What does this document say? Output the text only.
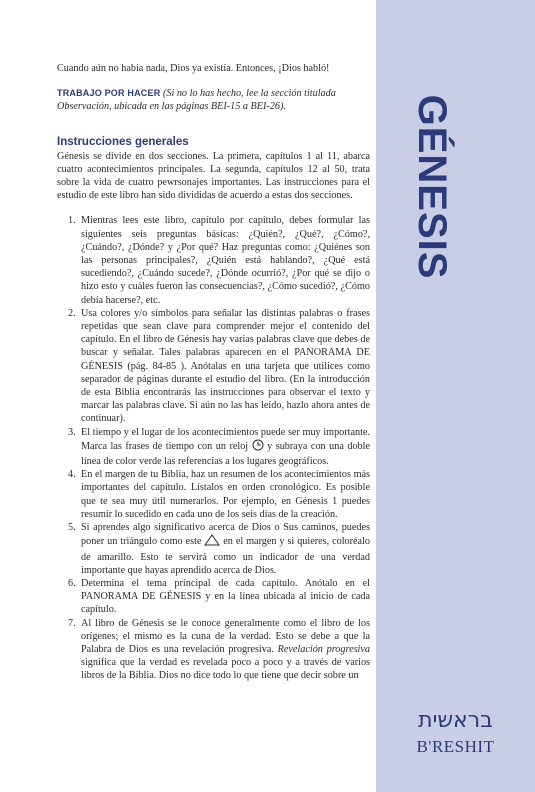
Cuando aún no había nada, Dios ya existía. Entonces, ¡Dios habló!

TRABAJO POR HACER (Si no lo has hecho, lee la sección titulada Observación, ubicada en las páginas BEI-15 a BEI-26).

Instrucciones generales

Génesis se divide en dos secciones. La primera, capítulos 1 al 11, abarca cuatro acontecimientos principales. La segunda, capítulos 12 al 50, trata sobre la vida de cuatro pewrsonajes importantes. Las instrucciones para el estudio de este libro han sido divididas de acuerdo a estas dos secciones.

1. Mientras lees este libro, capítulo por capítulo, debes formular las siguientes seis preguntas básicas: ¿Quién?, ¿Qué?, ¿Cómo?, ¿Cuándo?, ¿Dónde? y ¿Por qué? Haz preguntas como: ¿Quiénes son las personas principales?, ¿Quién está hablando?, ¿Qué está sucediendo?, ¿Cuándo sucede?, ¿Dónde ocurrió?, ¿Por qué se dijo o hizo esto y cuáles fueron las consecuencias?, ¿Cómo sucedió?, ¿Cómo debía hacerse?, etc.
2. Usa colores y/o símbolos para señalar las distintas palabras o frases repetidas que sean clave para comprender mejor el contenido del capítulo. En el libro de Génesis hay varias palabras clave que debes de buscar y señalar. Tales palabras aparecen en el PANORAMA DE GÉNESIS (pág. 84-85 ). Anótalas en una tarjeta que utilices como separador de páginas durante el estudio del libro. (En la introducción de esta Biblia encontrarás las instrucciones para observar el texto y marcar las palabras clave. Si aún no las has leído, hazlo ahora antes de continuar).
3. El tiempo y el lugar de los acontecimientos puede ser muy importante. Marca las frases de tiempo con un reloj  y subraya con una doble línea de color verde las referencias a los lugares geográficos.
4. En el margen de tu Biblia, haz un resumen de los acontecimientos más importantes del capítulo. Lístalos en orden cronológico. Es posible que te sea muy útil numerarlos. Por ejemplo, en Génesis 1 puedes resumir lo sucedido en cada uno de los seis días de la creación.
5. Si aprendes algo significativo acerca de Dios o Sus caminos, puedes poner un triángulo como este  en el margen y si quieres, coloréalo de amarillo. Esto te servirá como un indicador de una verdad importante que hayas aprendido acerca de Dios.
6. Determina el tema principal de cada capítulo. Anótalo en el PANORAMA DE GÉNESIS y en la línea ubicada al inicio de cada capítulo.
7. Al libro de Génesis se le conoce generalmente como el libro de los orígenes; el mismo es la cuna de la verdad. Esto se debe a que la Palabra de Dios es una revelación progresiva. Revelación progresiva significa que la verdad es revelada poco a poco y a través de varios libros de la Biblia. Dios no dice todo lo que tiene que decir sobre un
GÉNESIS
בראשית
B'RESHIT
